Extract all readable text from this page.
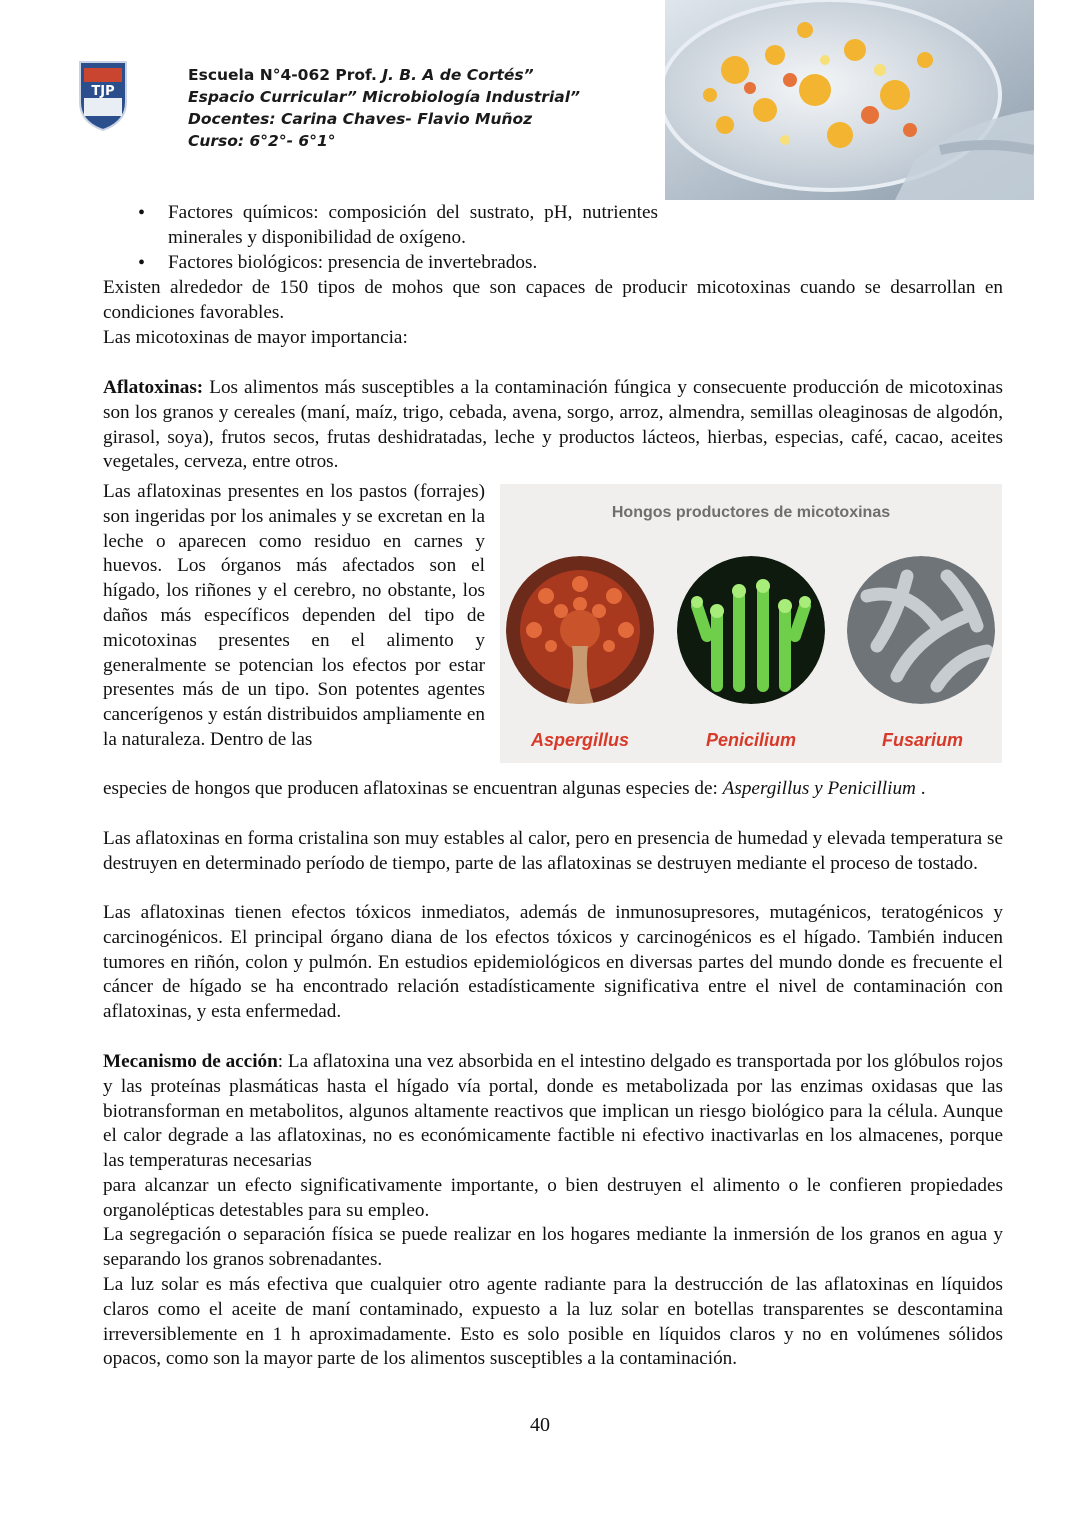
TJP
Escuela N°4-062 Prof. J. B. A de Cortés”
Espacio Curricular” Microbiología Industrial”
Docentes: Carina Chaves- Flavio Muñoz
Curso: 6°2°- 6°1°
• Factores químicos: composición del sustrato, pH, nutrientes minerales y disponibilidad de oxígeno.
• Factores biológicos: presencia de invertebrados.
Existen alrededor de 150 tipos de mohos que son capaces de producir micotoxinas cuando se desarrollan en condiciones favorables.
Las micotoxinas de mayor importancia:
Aflatoxinas: Los alimentos más susceptibles a la contaminación fúngica y consecuente producción de micotoxinas son los granos y cereales (maní, maíz, trigo, cebada, avena, sorgo, arroz, almendra, semillas oleaginosas de algodón, girasol, soya), frutos secos, frutas deshidratadas, leche y productos lácteos, hierbas, especias, café, cacao, aceites vegetales, cerveza, entre otros.
Las aflatoxinas presentes en los pastos (forrajes) son ingeridas por los animales y se excretan en la leche o aparecen como residuo en carnes y huevos. Los órganos más afectados son el hígado, los riñones y el cerebro, no obstante, los daños más específicos dependen del tipo de micotoxinas presentes en el alimento y generalmente se potencian los efectos por estar presentes más de un tipo. Son potentes agentes cancerígenos y están distribuidos ampliamente en la naturaleza. Dentro de las
Hongos productores de micotoxinas
Aspergillus	Penicilium	Fusarium
especies de hongos que producen aflatoxinas se encuentran algunas especies de: Aspergillus y Penicillium .
Las aflatoxinas en forma cristalina son muy estables al calor, pero en presencia de humedad y elevada temperatura se destruyen en determinado período de tiempo, parte de las aflatoxinas se destruyen mediante el proceso de tostado.
Las aflatoxinas tienen efectos tóxicos inmediatos, además de inmunosupresores, mutagénicos, teratogénicos y carcinogénicos. El principal órgano diana de los efectos tóxicos y carcinogénicos es el hígado. También inducen tumores en riñón, colon y pulmón. En estudios epidemiológicos en diversas partes del mundo donde es frecuente el cáncer de hígado se ha encontrado relación estadísticamente significativa entre el nivel de contaminación con aflatoxinas, y esta enfermedad.
Mecanismo de acción: La aflatoxina una vez absorbida en el intestino delgado es transportada por los glóbulos rojos y las proteínas plasmáticas hasta el hígado vía portal, donde es metabolizada por las enzimas oxidasas que las biotransforman en metabolitos, algunos altamente reactivos que implican un riesgo biológico para la célula. Aunque el calor degrade a las aflatoxinas, no es económicamente factible ni efectivo inactivarlas en los almacenes, porque las temperaturas necesarias
para alcanzar un efecto significativamente importante, o bien destruyen el alimento o le confieren propiedades organolépticas detestables para su empleo.
La segregación o separación física se puede realizar en los hogares mediante la inmersión de los granos en agua y separando los granos sobrenadantes.
La luz solar es más efectiva que cualquier otro agente radiante para la destrucción de las aflatoxinas en líquidos claros como el aceite de maní contaminado, expuesto a la luz solar en botellas transparentes se descontamina irreversiblemente en 1 h aproximadamente. Esto es solo posible en líquidos claros y no en volúmenes sólidos opacos, como son la mayor parte de los alimentos susceptibles a la contaminación.
40
